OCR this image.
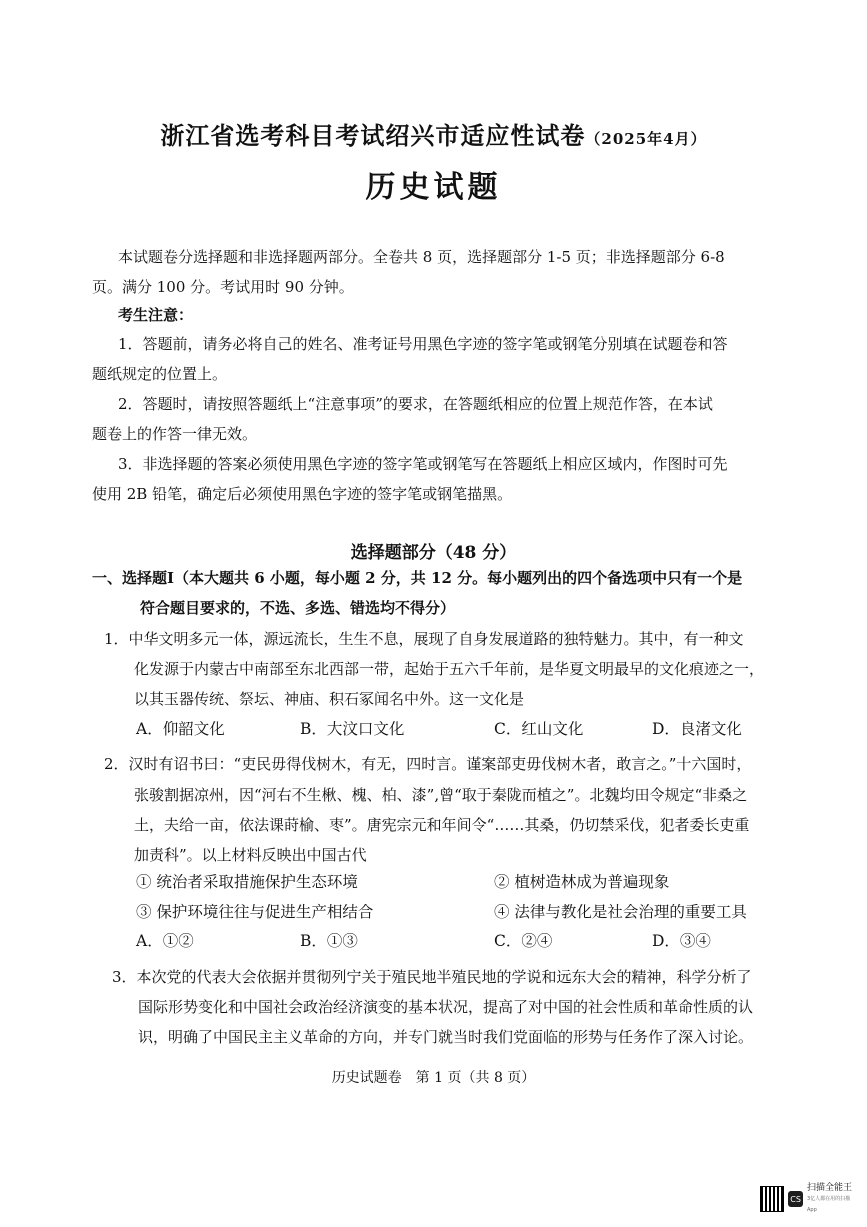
浙江省选考科目考试绍兴市适应性试卷（2025年4月）
历史试题
本试题卷分选择题和非选择题两部分。全卷共 8 页，选择题部分 1-5 页；非选择题部分 6-8
页。满分 100 分。考试用时 90 分钟。
考生注意：
1．答题前，请务必将自己的姓名、准考证号用黑色字迹的签字笔或钢笔分别填在试题卷和答
题纸规定的位置上。
2．答题时，请按照答题纸上“注意事项”的要求，在答题纸相应的位置上规范作答，在本试
题卷上的作答一律无效。
3．非选择题的答案必须使用黑色字迹的签字笔或钢笔写在答题纸上相应区域内，作图时可先
使用 2B 铅笔，确定后必须使用黑色字迹的签字笔或钢笔描黑。
选择题部分（48 分）
一、选择题Ⅰ（本大题共 6 小题，每小题 2 分，共 12 分。每小题列出的四个备选项中只有一个是
符合题目要求的，不选、多选、错选均不得分）
1．中华文明多元一体，源远流长，生生不息，展现了自身发展道路的独特魅力。其中，有一种文
化发源于内蒙古中南部至东北西部一带，起始于五六千年前，是华夏文明最早的文化痕迹之一，
以其玉器传统、祭坛、神庙、积石冢闻名中外。这一文化是
A．仰韶文化	B．大汶口文化	C．红山文化	D．良渚文化
2．汉时有诏书曰：“吏民毋得伐树木，有无，四时言。谨案部吏毋伐树木者，敢言之。”十六国时，
张骏割据凉州，因“河右不生楸、槐、柏、漆”,曾“取于秦陇而植之”。北魏均田令规定“非桑之
土，夫给一亩，依法课莳榆、枣”。唐宪宗元和年间令“……其桑，仍切禁采伐，犯者委长吏重
加责科”。以上材料反映出中国古代
① 统治者采取措施保护生态环境	② 植树造林成为普遍现象
③ 保护环境往往与促进生产相结合	④ 法律与教化是社会治理的重要工具
A．①②	B．①③	C．②④	D．③④
3．本次党的代表大会依据并贯彻列宁关于殖民地半殖民地的学说和远东大会的精神，科学分析了
国际形势变化和中国社会政治经济演变的基本状况，提高了对中国的社会性质和革命性质的认
识，明确了中国民主主义革命的方向，并专门就当时我们党面临的形势与任务作了深入讨论。
历史试题卷　第 1 页（共 8 页）
CS
扫描全能王
3亿人都在用的扫描App
